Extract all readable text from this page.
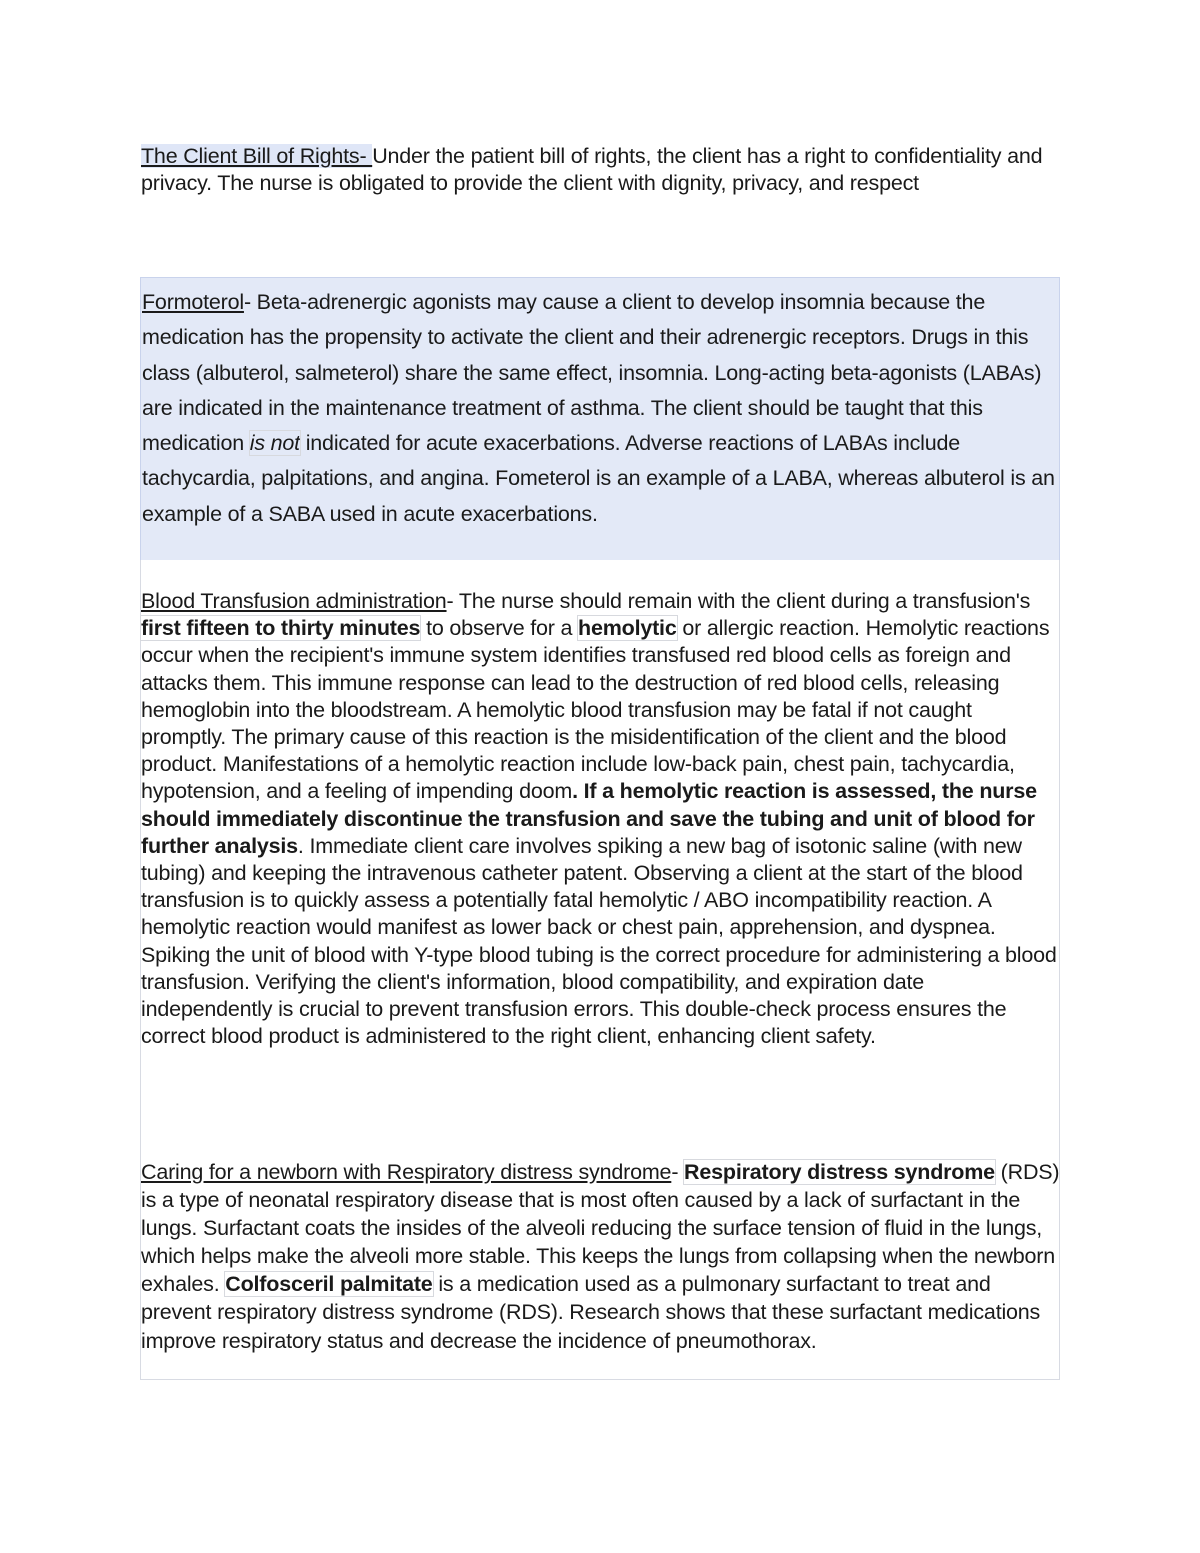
The Client Bill of Rights- Under the patient bill of rights, the client has a right to confidentiality and privacy. The nurse is obligated to provide the client with dignity, privacy, and respect
Formoterol- Beta-adrenergic agonists may cause a client to develop insomnia because the medication has the propensity to activate the client and their adrenergic receptors. Drugs in this class (albuterol, salmeterol) share the same effect, insomnia. Long-acting beta-agonists (LABAs) are indicated in the maintenance treatment of asthma. The client should be taught that this medication is not indicated for acute exacerbations. Adverse reactions of LABAs include tachycardia, palpitations, and angina. Fometerol is an example of a LABA, whereas albuterol is an example of a SABA used in acute exacerbations.
Blood Transfusion administration- The nurse should remain with the client during a transfusion's first fifteen to thirty minutes to observe for a hemolytic or allergic reaction. Hemolytic reactions occur when the recipient's immune system identifies transfused red blood cells as foreign and attacks them. This immune response can lead to the destruction of red blood cells, releasing hemoglobin into the bloodstream. A hemolytic blood transfusion may be fatal if not caught promptly. The primary cause of this reaction is the misidentification of the client and the blood product. Manifestations of a hemolytic reaction include low-back pain, chest pain, tachycardia, hypotension, and a feeling of impending doom. If a hemolytic reaction is assessed, the nurse should immediately discontinue the transfusion and save the tubing and unit of blood for further analysis. Immediate client care involves spiking a new bag of isotonic saline (with new tubing) and keeping the intravenous catheter patent. Observing a client at the start of the blood transfusion is to quickly assess a potentially fatal hemolytic / ABO incompatibility reaction. A hemolytic reaction would manifest as lower back or chest pain, apprehension, and dyspnea. Spiking the unit of blood with Y-type blood tubing is the correct procedure for administering a blood transfusion. Verifying the client's information, blood compatibility, and expiration date independently is crucial to prevent transfusion errors. This double-check process ensures the correct blood product is administered to the right client, enhancing client safety.
Caring for a newborn with Respiratory distress syndrome- Respiratory distress syndrome (RDS) is a type of neonatal respiratory disease that is most often caused by a lack of surfactant in the lungs. Surfactant coats the insides of the alveoli reducing the surface tension of fluid in the lungs, which helps make the alveoli more stable. This keeps the lungs from collapsing when the newborn exhales. Colfosceril palmitate is a medication used as a pulmonary surfactant to treat and prevent respiratory distress syndrome (RDS). Research shows that these surfactant medications improve respiratory status and decrease the incidence of pneumothorax.
